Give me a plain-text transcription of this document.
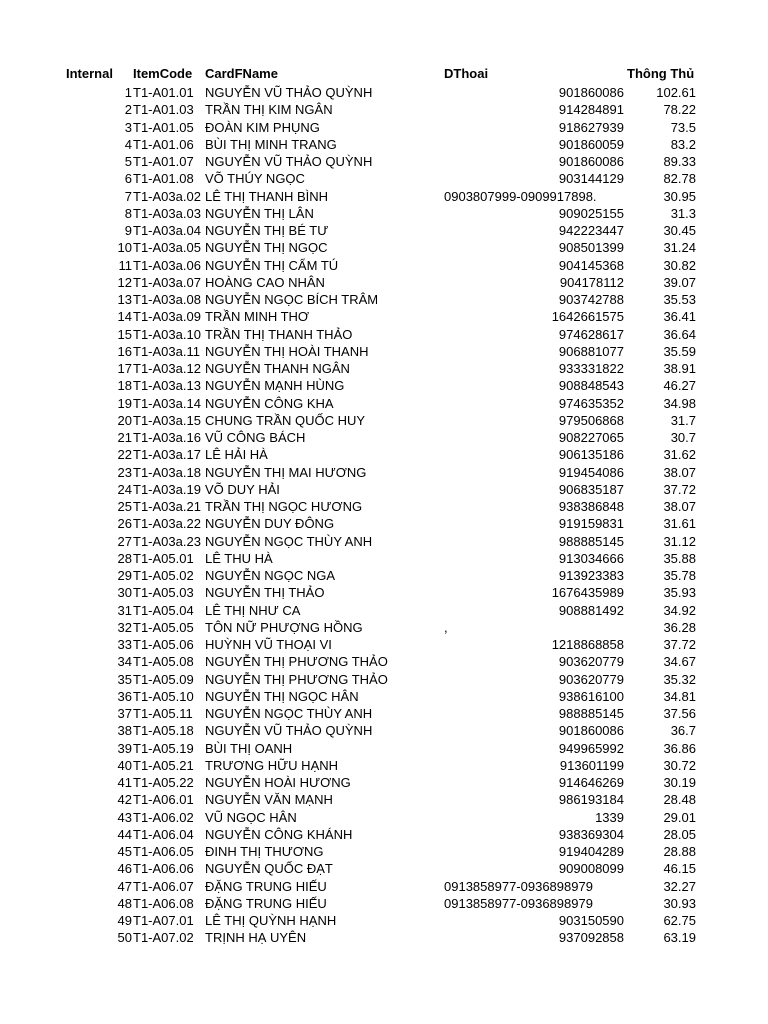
Internal ItemCode CardFName	DThoai	Thông Thủ
1 T1-A01.01 NGUYỄN VŨ THẢO QUỲNH	901860086 102.61
2 T1-A01.03 TRẦN THỊ KIM NGÂN	914284891	78.22
3 T1-A01.05 ĐOÀN KIM PHỤNG	918627939	73.5
4 T1-A01.06 BÙI THỊ MINH TRANG	901860059	83.2
5 T1-A01.07 NGUYỄN VŨ THẢO QUỲNH	901860086	89.33
6 T1-A01.08 VÕ THÚY NGỌC	903144129	82.78
7 T1-A03a.02 LÊ THỊ THANH BÌNH	0903807999-0909917898.	30.95
8 T1-A03a.03 NGUYỄN THỊ LÂN	909025155	31.3
9 T1-A03a.04 NGUYỄN THỊ BÉ TƯ	942223447	30.45
10 T1-A03a.05 NGUYỄN THỊ NGỌC	908501399	31.24
11 T1-A03a.06 NGUYỄN THỊ CẨM TÚ	904145368	30.82
12 T1-A03a.07 HOÀNG CAO NHÂN	904178112	39.07
13 T1-A03a.08 NGUYỄN NGỌC BÍCH TRÂM	903742788	35.53
14 T1-A03a.09 TRẦN MINH THƠ	1642661575	36.41
15 T1-A03a.10 TRẦN THỊ THANH THẢO	974628617	36.64
16 T1-A03a.11 NGUYỄN THỊ HOÀI THANH	906881077	35.59
17 T1-A03a.12 NGUYỄN THANH NGÂN	933331822	38.91
18 T1-A03a.13 NGUYỄN MẠNH HÙNG	908848543	46.27
19 T1-A03a.14 NGUYỄN CÔNG KHA	974635352	34.98
20 T1-A03a.15 CHUNG TRẦN QUỐC HUY	979506868	31.7
21 T1-A03a.16 VŨ CÔNG BÁCH	908227065	30.7
22 T1-A03a.17 LÊ HẢI HÀ	906135186	31.62
23 T1-A03a.18 NGUYỄN THỊ MAI HƯƠNG	919454086	38.07
24 T1-A03a.19 VÕ DUY HẢI	906835187	37.72
25 T1-A03a.21 TRẦN THỊ NGỌC HƯƠNG	938386848	38.07
26 T1-A03a.22 NGUYỄN DUY ĐÔNG	919159831	31.61
27 T1-A03a.23 NGUYỄN NGỌC THÙY ANH	988885145	31.12
28 T1-A05.01 LÊ THU HÀ	913034666	35.88
29 T1-A05.02 NGUYỄN NGỌC NGA	913923383	35.78
30 T1-A05.03 NGUYỄN THỊ THẢO	1676435989	35.93
31 T1-A05.04 LÊ THỊ NHƯ CA	908881492	34.92
32 T1-A05.05 TÔN NỮ PHƯỢNG HỒNG	,	36.28
33 T1-A05.06 HUỲNH VŨ THOẠI VI	1218868858	37.72
34 T1-A05.08 NGUYỄN THỊ PHƯƠNG THẢO	903620779	34.67
35 T1-A05.09 NGUYỄN THỊ PHƯƠNG THẢO	903620779	35.32
36 T1-A05.10 NGUYỄN THỊ NGỌC HÂN	938616100	34.81
37 T1-A05.11 NGUYỄN NGỌC THÙY ANH	988885145	37.56
38 T1-A05.18 NGUYỄN VŨ THẢO QUỲNH	901860086	36.7
39 T1-A05.19 BÙI THỊ OANH	949965992	36.86
40 T1-A05.21 TRƯƠNG HỮU HẠNH	913601199	30.72
41 T1-A05.22 NGUYỄN HOÀI HƯƠNG	914646269	30.19
42 T1-A06.01 NGUYỄN VĂN MẠNH	986193184	28.48
43 T1-A06.02 VŨ NGỌC HÂN	1339	29.01
44 T1-A06.04 NGUYỄN CÔNG KHÁNH	938369304	28.05
45 T1-A06.05 ĐINH THỊ THƯƠNG	919404289	28.88
46 T1-A06.06 NGUYỄN QUỐC ĐẠT	909008099	46.15
47 T1-A06.07 ĐẶNG TRUNG HIẾU	0913858977-0936898979	32.27
48 T1-A06.08 ĐẶNG TRUNG HIẾU	0913858977-0936898979	30.93
49 T1-A07.01 LÊ THỊ QUỲNH HẠNH	903150590	62.75
50 T1-A07.02 TRỊNH HẠ UYÊN	937092858	63.19
